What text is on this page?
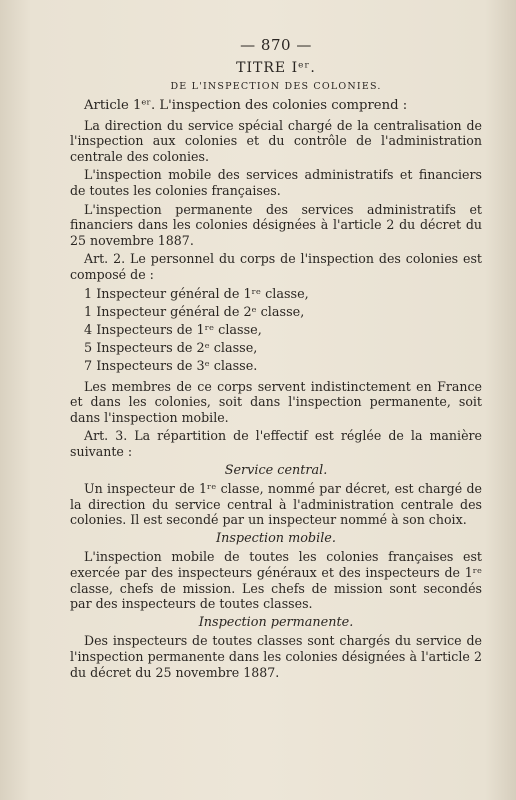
— 870 —
TITRE Iᵉʳ.
DE L'INSPECTION DES COLONIES.

Article 1ᵉʳ. L'inspection des colonies comprend :

La direction du service spécial chargé de la centralisation de l'inspection aux colonies et du contrôle de l'administration centrale des colonies.

L'inspection mobile des services administratifs et financiers de toutes les colonies françaises.

L'inspection permanente des services administratifs et financiers dans les colonies désignées à l'article 2 du décret du 25 novembre 1887.

Art. 2. Le personnel du corps de l'inspection des colonies est composé de :

1 Inspecteur général de 1ʳᵉ classe,
1 Inspecteur général de 2ᵉ classe,
4 Inspecteurs de 1ʳᵉ classe,
5 Inspecteurs de 2ᵉ classe,
7 Inspecteurs de 3ᵉ classe.

Les membres de ce corps servent indistinctement en France et dans les colonies, soit dans l'inspection permanente, soit dans l'inspection mobile.

Art. 3. La répartition de l'effectif est réglée de la manière suivante :

Service central.

Un inspecteur de 1ʳᵉ classe, nommé par décret, est chargé de la direction du service central à l'administration centrale des colonies. Il est secondé par un inspecteur nommé à son choix.

Inspection mobile.

L'inspection mobile de toutes les colonies françaises est exercée par des inspecteurs généraux et des inspecteurs de 1ʳᵉ classe, chefs de mission. Les chefs de mission sont secondés par des inspecteurs de toutes classes.

Inspection permanente.

Des inspecteurs de toutes classes sont chargés du service de l'inspection permanente dans les colonies désignées à l'article 2 du décret du 25 novembre 1887.
